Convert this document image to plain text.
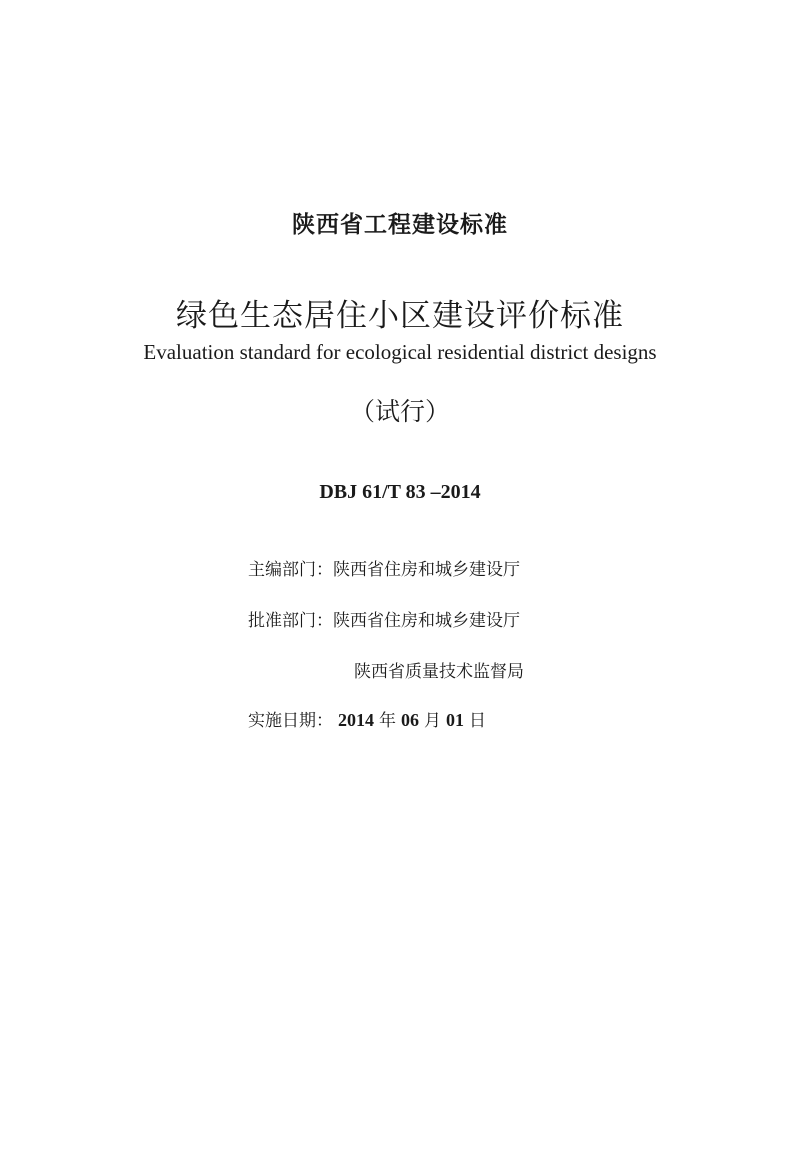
陕西省工程建设标准
绿色生态居住小区建设评价标准
Evaluation standard for ecological residential district designs
（试行）
DBJ 61/T 83 –2014
主编部门：陕西省住房和城乡建设厅
批准部门：陕西省住房和城乡建设厅
陕西省质量技术监督局
实施日期： 2014 年 06 月 01 日
